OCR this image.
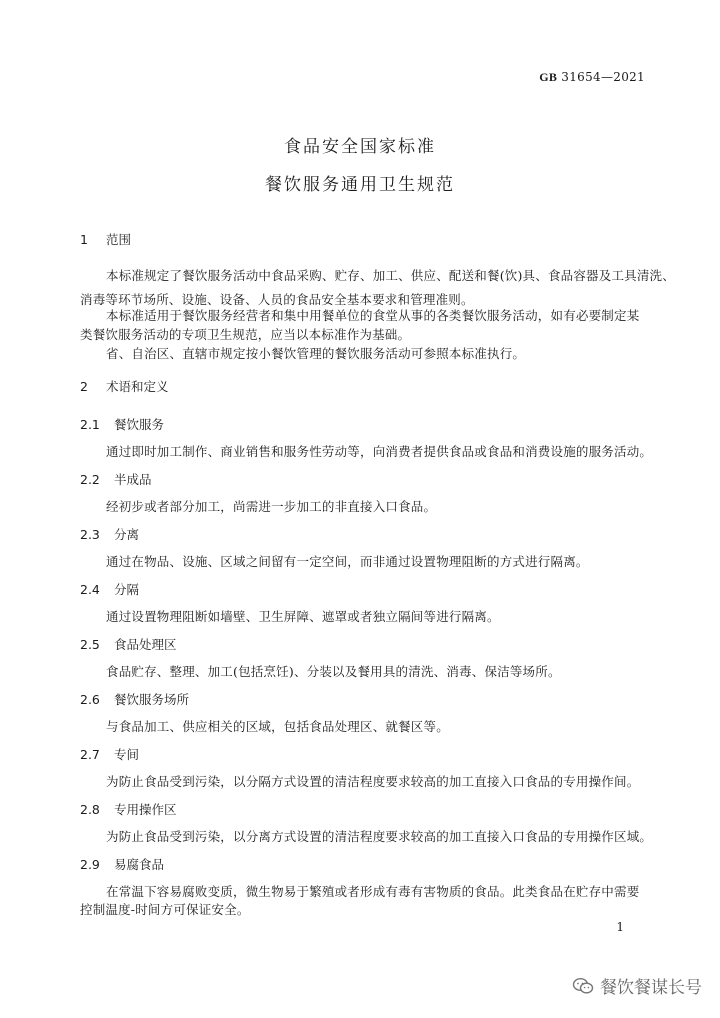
GB 31654—2021
食品安全国家标准
餐饮服务通用卫生规范
1 范围
本标准规定了餐饮服务活动中食品采购、贮存、加工、供应、配送和餐(饮)具、食品容器及工具清洗、
消毒等环节场所、设施、设备、人员的食品安全基本要求和管理准则。
本标准适用于餐饮服务经营者和集中用餐单位的食堂从事的各类餐饮服务活动，如有必要制定某
类餐饮服务活动的专项卫生规范，应当以本标准作为基础。
省、自治区、直辖市规定按小餐饮管理的餐饮服务活动可参照本标准执行。
2 术语和定义
2.1 餐饮服务
通过即时加工制作、商业销售和服务性劳动等，向消费者提供食品或食品和消费设施的服务活动。
2.2 半成品
经初步或者部分加工，尚需进一步加工的非直接入口食品。
2.3 分离
通过在物品、设施、区域之间留有一定空间，而非通过设置物理阻断的方式进行隔离。
2.4 分隔
通过设置物理阻断如墙壁、卫生屏障、遮罩或者独立隔间等进行隔离。
2.5 食品处理区
食品贮存、整理、加工(包括烹饪)、分装以及餐用具的清洗、消毒、保洁等场所。
2.6 餐饮服务场所
与食品加工、供应相关的区域，包括食品处理区、就餐区等。
2.7 专间
为防止食品受到污染，以分隔方式设置的清洁程度要求较高的加工直接入口食品的专用操作间。
2.8 专用操作区
为防止食品受到污染，以分离方式设置的清洁程度要求较高的加工直接入口食品的专用操作区域。
2.9 易腐食品
在常温下容易腐败变质，微生物易于繁殖或者形成有毒有害物质的食品。此类食品在贮存中需要
控制温度-时间方可保证安全。
1
餐饮餐谋长号
